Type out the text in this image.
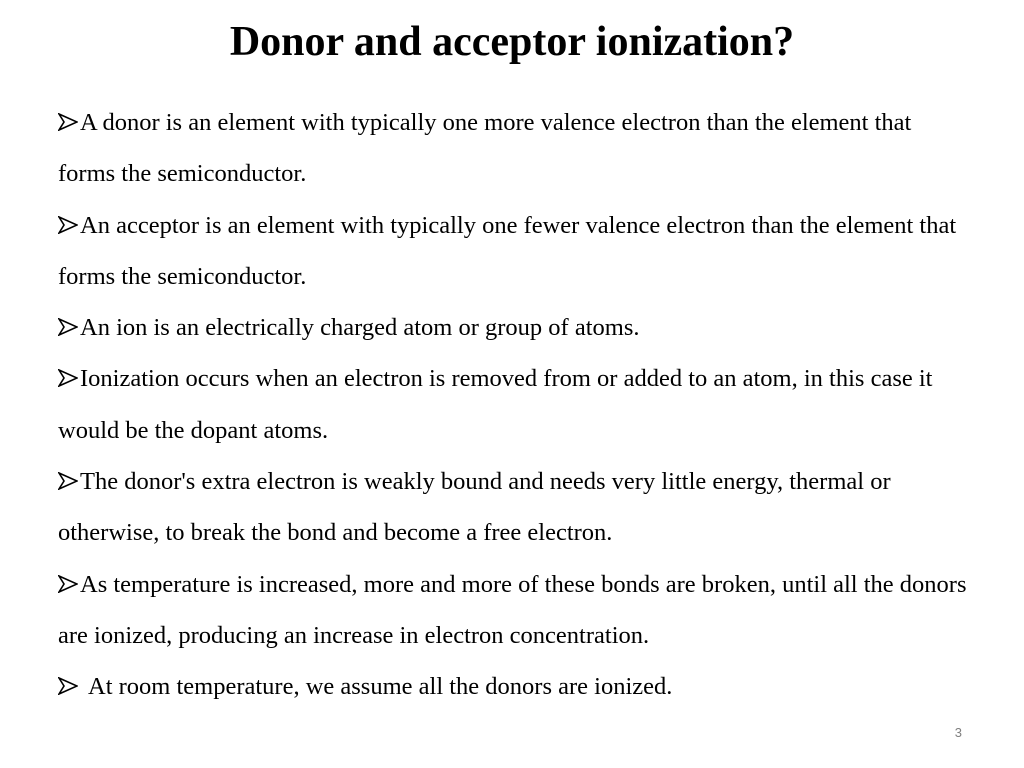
Donor and acceptor ionization?
A donor is an element with typically one more valence electron than the element that forms the semiconductor.
An acceptor is an element with typically one fewer valence electron than the element that forms the semiconductor.
An ion is an electrically charged atom or group of atoms.
Ionization occurs when an electron is removed from or added to an atom, in this case it would be the dopant atoms.
The donor's extra electron is weakly bound and needs very little energy, thermal or otherwise, to break the bond and become a free electron.
As temperature is increased, more and more of these bonds are broken, until all the donors are ionized, producing an increase in electron concentration.
At room temperature, we assume all the donors are ionized.
3
